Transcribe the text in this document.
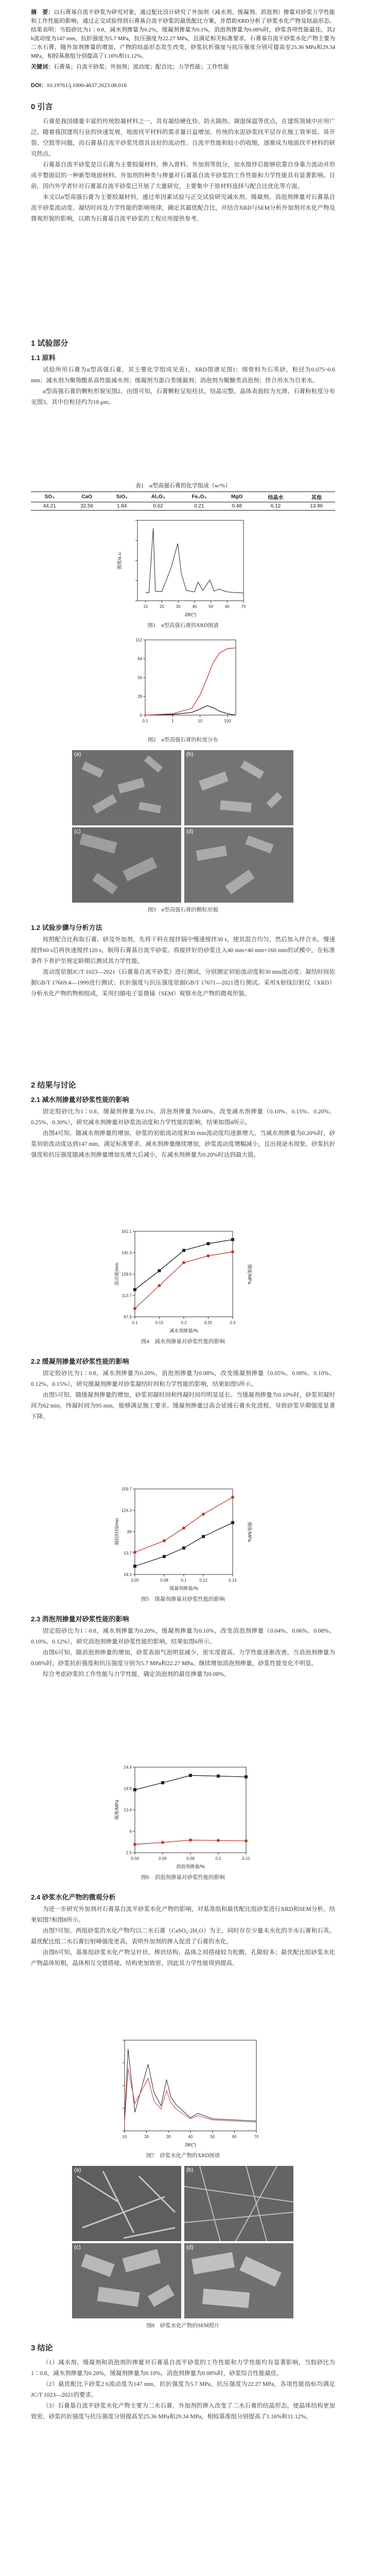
摘　要：以石膏基自流平砂浆为研究对象，通过配比设计研究了外加剂（减水剂、缓凝剂、消泡剂）掺量对砂浆力学性能和工作性能的影响，通过正交试验得到石膏基自流平砂浆的最优配比方案，并借助XRD分析了砂浆水化产物及结晶形态。结果表明：当胶砂比为1∶0.8，减水剂掺量为0.2%，缓凝剂掺量为0.1%，消泡剂掺量为0.08%时，砂浆各项性能最佳，其2 h流动度为147 mm，抗折强度为5.7 MPa，抗压强度为22.27 MPa，且满足相关标准要求。石膏基自流平砂浆水化产物主要为二水石膏，随外加剂掺量的增加，产物的结晶形态发生改变，砂浆抗折强度与抗压强度分别可提高至25.36 MPa和29.34 MPa，相较基准组分别提高了1.16%和11.12%。
关键词：石膏基；自流平砂浆；外加剂；流动度；配合比；力学性能；工作性能
DOI：10.19761/j.1000-4637.2023.08.018
0 引言

石膏是我国储量丰富的传统胶凝材料之一，具有凝结硬化快、防火隔热、调湿保温等优点，在建筑领域中应用广泛。随着我国建筑行业的快速发展，地面找平材料的需求量日益增加。传统的水泥砂浆找平层存在施工效率低、易开裂、空鼓等问题，而石膏基自流平砂浆凭借其良好的流动性、自流平性能和较小的收缩，逐渐成为地面找平材料的研究热点。

石膏基自流平砂浆是以石膏为主要胶凝材料，掺入骨料、外加剂等组分，加水搅拌后能够依靠自身重力流动并形成平整面层的一种新型地面材料。外加剂的种类与掺量对石膏基自流平砂浆的工作性能和力学性能具有显著影响。目前，国内外学者针对石膏基自流平砂浆已开展了大量研究，主要集中于原材料选择与配合比优化等方面。

本文以α型高强石膏为主要胶凝材料，通过单因素试验与正交试验研究减水剂、缓凝剂、消泡剂掺量对石膏基自流平砂浆流动度、凝结时间及力学性能的影响规律，确定其最优配合比，并结合XRD与SEM分析外加剂对水化产物及微观形貌的影响，以期为石膏基自流平砂浆的工程应用提供参考。

1 试验部分
1.1 原料

试验所用石膏为α型高强石膏，其主要化学组成见表1，XRD图谱见图1；细骨料为石英砂，粒径为0.075~0.6 mm；减水剂为聚羧酸系高性能减水剂；缓凝剂为蛋白类缓凝剂；消泡剂为聚醚类消泡剂；拌合用水为自来水。

α型高强石膏的颗粒形貌见图2，由图可知，石膏颗粒呈短柱状，结晶完整，晶体表面较为光滑。石膏粉粒度分布见图3，其中位粒径约为18 μm。

表1　α型高强石膏的化学组成（w/%）
SO₃	CaO	SiO₂	Al₂O₃	Fe₂O₃	MgO	结晶水	其他
44.21	32.56	1.84	0.62	0.21	0.48	6.12	13.96
10	20	30	40	50	60	70
2θ/(°)
强度/a.u.
图1　α型高强石膏的XRD图谱
0.1	1	10	100
0
28
56
84
112
图2　α型高强石膏的粒度分布
(a)	(b)
(c)	(d)
图3　α型高强石膏的颗粒形貌
1.2 试验步骤与分析方法

按照配合比称取石膏、砂及外加剂，先将干料在搅拌锅中慢速搅拌30 s，使其混合均匀，然后加入拌合水，慢速搅拌60 s后再快速搅拌120 s，制得石膏基自流平砂浆。将搅拌好的砂浆注入40 mm×40 mm×160 mm的试模中，在标准条件下养护至规定龄期后测试其力学性能。

流动度依据JC/T 1023—2021《石膏基自流平砂浆》进行测试，分别测定初始流动度和30 min流动度；凝结时间依据GB/T 17669.4—1999进行测试；抗折强度与抗压强度依据GB/T 17671—2021进行测试。采用X射线衍射仪（XRD）分析水化产物的物相组成，采用扫描电子显微镜（SEM）观察水化产物的微观形貌。

2 结果与讨论
2.1 减水剂掺量对砂浆性能的影响

固定胶砂比为1∶0.8，缓凝剂掺量为0.1%，消泡剂掺量为0.08%，改变减水剂掺量（0.10%、0.15%、0.20%、0.25%、0.30%），研究减水剂掺量对砂浆流动度和力学性能的影响，结果如图4所示。

由图4可知，随减水剂掺量的增加，砂浆的初始流动度和30 min流动度均逐渐增大。当减水剂掺量为0.20%时，砂浆初始流动度达到147 mm，满足标准要求。减水剂掺量继续增加，砂浆流动度增幅减小，且出现泌水现象。砂浆抗折强度和抗压强度随减水剂掺量增加先增大后减小，在减水剂掺量为0.20%时达到最大值。

0.1	0.15	0.2	0.25	0.3
97.9
113.7
129.5
145.3
161.1
减水剂掺量/%
流动度/mm	强度/MPa
图4　减水剂掺量对砂浆性能的影响
2.2 缓凝剂掺量对砂浆性能的影响

固定胶砂比为1∶0.8，减水剂掺量为0.20%，消泡剂掺量为0.08%，改变缓凝剂掺量（0.05%、0.08%、0.10%、0.12%、0.15%），研究缓凝剂掺量对砂浆凝结时间和力学性能的影响，结果如图5所示。

由图5可知，随缓凝剂掺量的增加，砂浆初凝时间和终凝时间均明显延长。当缓凝剂掺量为0.10%时，砂浆初凝时间为62 min，终凝时间为95 min，能够满足施工要求。缓凝剂掺量过高会延缓石膏水化进程，导致砂浆早期强度显著下降。

0.05	0.08	0.1	0.12	0.15
18.3
53.7
89
124.3
159.7
缓凝剂掺量/%
凝结时间/min	强度/MPa
图5　缓凝剂掺量对砂浆性能的影响
2.3 消泡剂掺量对砂浆性能的影响

固定胶砂比为1∶0.8，减水剂掺量为0.20%，缓凝剂掺量为0.10%，改变消泡剂掺量（0.04%、0.06%、0.08%、0.10%、0.12%），研究消泡剂掺量对砂浆性能的影响，结果如图6所示。

由图6可知，随消泡剂掺量的增加，砂浆表面气泡明显减少，密实度提高，力学性能逐渐改善。当消泡剂掺量为0.08%时，砂浆抗折强度和抗压强度分别为5.7 MPa和22.27 MPa。继续增加消泡剂掺量，砂浆性能变化不明显。

综合考虑砂浆的工作性能与力学性能，确定消泡剂的最佳掺量为0.08%。

0.04	0.06	0.08	0.1	0.12
2.5
8
13.4
18.9
24.4
消泡剂掺量/%
强度/MPa
图6　消泡剂掺量对砂浆性能的影响
2.4 砂浆水化产物的微观分析

为进一步研究外加剂对石膏基自流平砂浆水化产物的影响，对基准组和最优配比组砂浆进行XRD和SEM分析，结果如图7和图8所示。

由图7可知，两组砂浆的水化产物均以二水石膏（CaSO₄·2H₂O）为主，同时存在少量未水化的半水石膏和石英。最优配比组二水石膏衍射峰强度更高，表明外加剂的掺入促进了石膏的水化。

由图8可知，基准组砂浆水化产物呈针状、棒状结构，晶体之间搭接较为松散，孔隙较多；最优配比组砂浆水化产物晶体短粗，晶体相互交错搭接，结构更加致密，因此其力学性能得到提高。

10	20	30	40	50	60	70
2θ/(°)
图7　砂浆水化产物的XRD图谱
(a)	(b)
(c)	(d)
图8　砂浆水化产物的SEM照片
3 结论

（1）减水剂、缓凝剂和消泡剂的掺量对石膏基自流平砂浆的工作性能和力学性能均有显著影响，当胶砂比为1∶0.8，减水剂掺量为0.20%，缓凝剂掺量为0.10%，消泡剂掺量为0.08%时，砂浆综合性能最佳。

（2）最优配比下砂浆2 h流动度为147 mm，抗折强度为5.7 MPa，抗压强度为22.27 MPa，各项性能指标均满足JC/T 1023—2021的要求。

（3）石膏基自流平砂浆水化产物主要为二水石膏，外加剂的掺入改变了二水石膏的结晶形态，使晶体结构更加致密，砂浆抗折强度与抗压强度分别提高至25.36 MPa和29.34 MPa，相较基准组分别提高了1.16%和11.12%。
